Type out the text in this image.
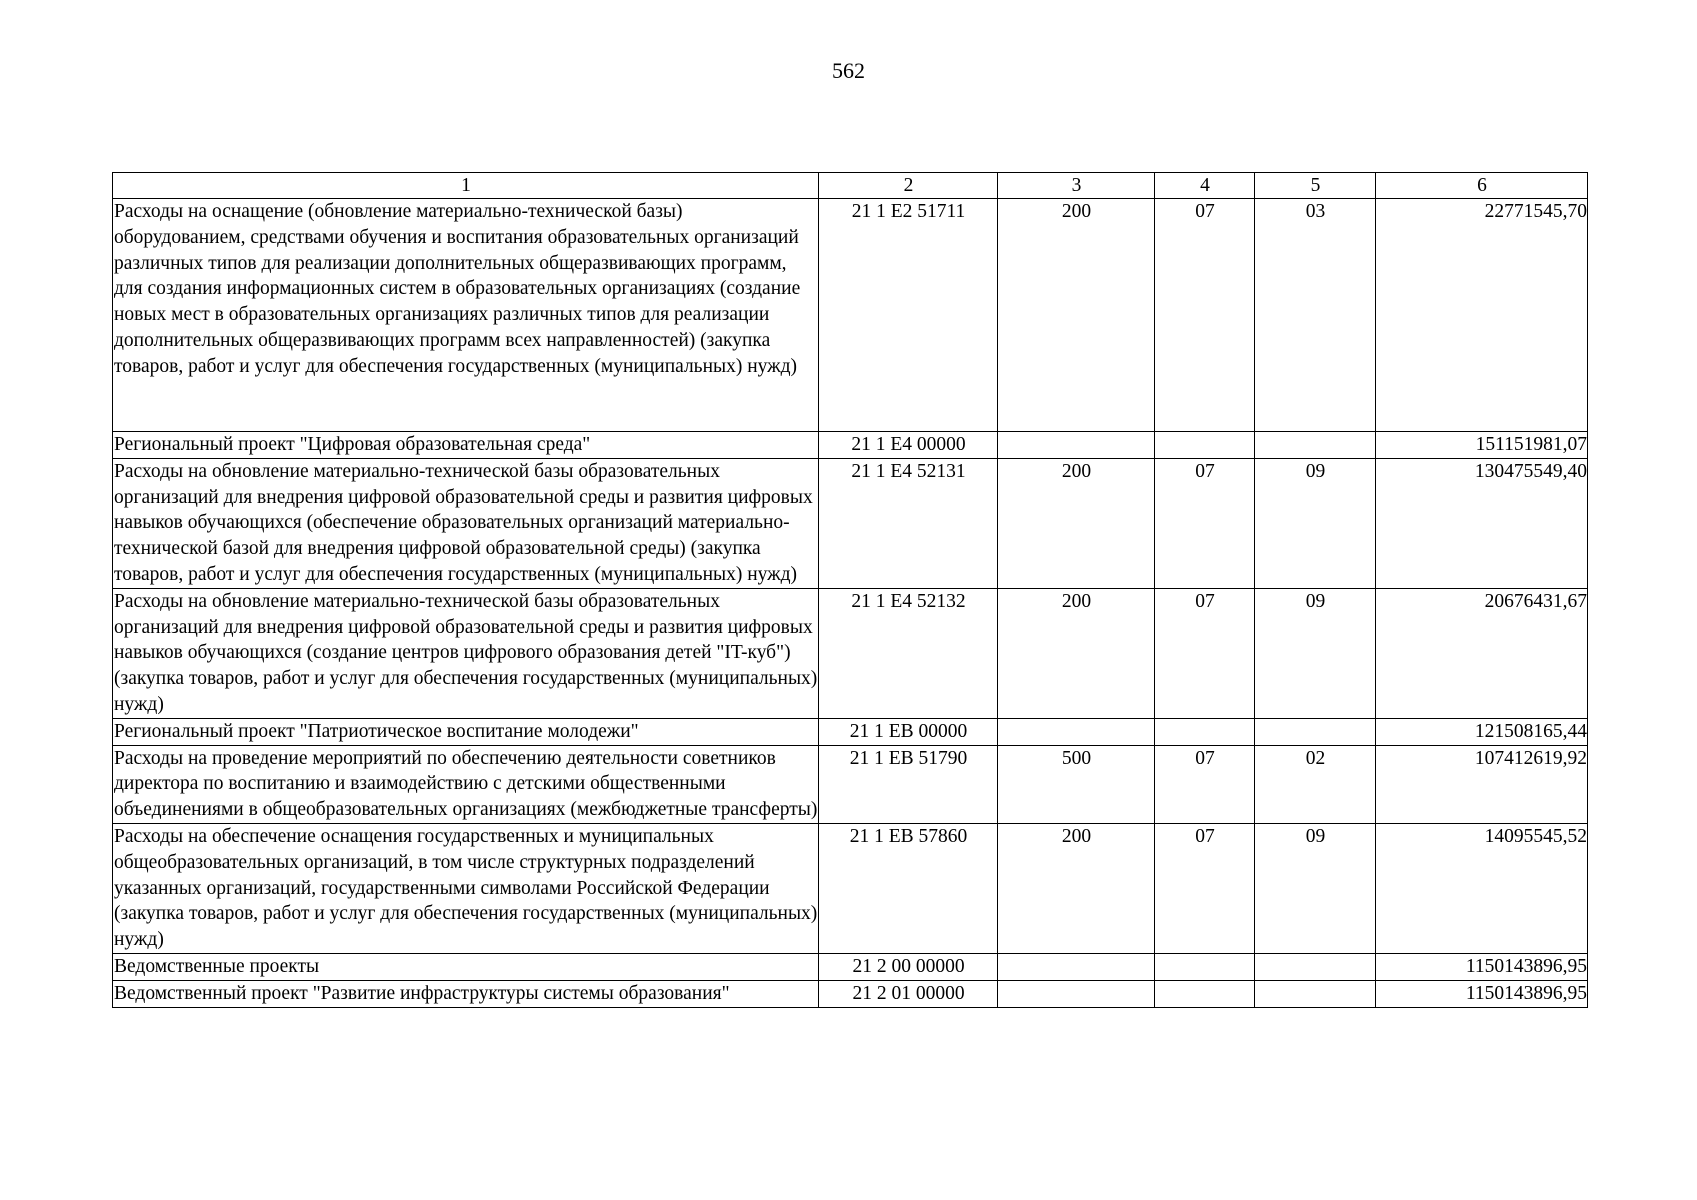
562
1	2	3	4	5	6
Расходы на оснащение (обновление материально-технической базы) оборудованием, средствами обучения и воспитания образовательных организаций различных типов для реализации дополнительных общеразвивающих программ, для создания информационных систем в образовательных организациях (создание новых мест в образовательных организациях различных типов для реализации дополнительных общеразвивающих программ всех направленностей) (закупка товаров, работ и услуг для обеспечения государственных (муниципальных) нужд)	21 1 E2 51711	200	07	03	22771545,70
Региональный проект "Цифровая образовательная среда"	21 1 E4 00000				151151981,07
Расходы на обновление материально-технической базы образовательных организаций для внедрения цифровой образовательной среды и развития цифровых навыков обучающихся (обеспечение образовательных организаций материально-технической базой для внедрения цифровой образовательной среды) (закупка товаров, работ и услуг для обеспечения государственных (муниципальных) нужд)	21 1 E4 52131	200	07	09	130475549,40
Расходы на обновление материально-технической базы образовательных организаций для внедрения цифровой образовательной среды и развития цифровых навыков обучающихся (создание центров цифрового образования детей "IT-куб") (закупка товаров, работ и услуг для обеспечения государственных (муниципальных) нужд)	21 1 E4 52132	200	07	09	20676431,67
Региональный проект "Патриотическое воспитание молодежи"	21 1 EB 00000				121508165,44
Расходы на проведение мероприятий по обеспечению деятельности советников директора по воспитанию и взаимодействию с детскими общественными объединениями в общеобразовательных организациях (межбюджетные трансферты)	21 1 EB 51790	500	07	02	107412619,92
Расходы на обеспечение оснащения государственных и муниципальных общеобразовательных организаций, в том числе структурных подразделений указанных организаций, государственными символами Российской Федерации (закупка товаров, работ и услуг для обеспечения государственных (муниципальных) нужд)	21 1 EB 57860	200	07	09	14095545,52
Ведомственные проекты	21 2 00 00000				1150143896,95
Ведомственный проект "Развитие инфраструктуры системы образования"	21 2 01 00000				1150143896,95
